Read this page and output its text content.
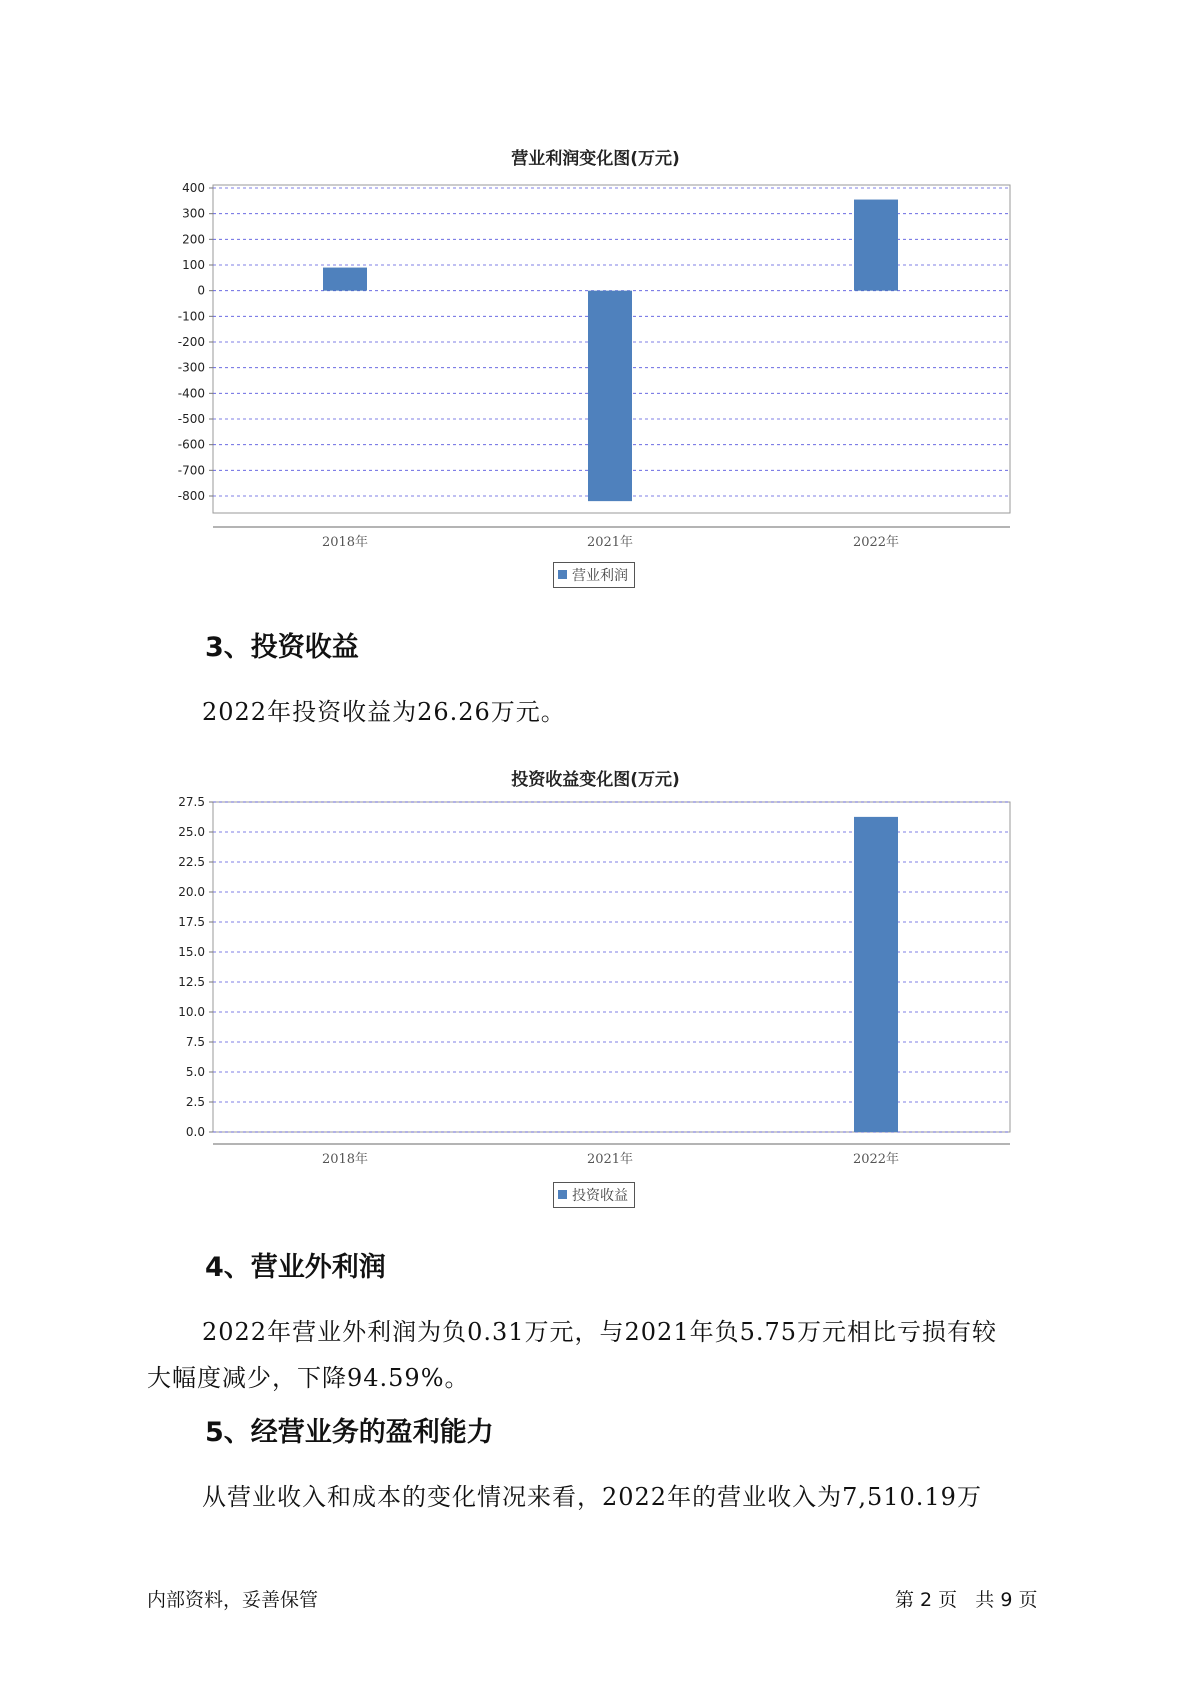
营业利润变化图(万元)
400
300
200
100
0
-100
-200
-300
-400
-500
-600
-700
-800
2018年	2021年	2022年
营业利润
3、投资收益
2022年投资收益为26.26万元。
投资收益变化图(万元)
27.5
25.0
22.5
20.0
17.5
15.0
12.5
10.0
7.5
5.0
2.5
0.0
2018年	2021年	2022年
投资收益
4、营业外利润
2022年营业外利润为负0.31万元，与2021年负5.75万元相比亏损有较
大幅度减少，下降94.59%。
5、经营业务的盈利能力
从营业收入和成本的变化情况来看，2022年的营业收入为7,510.19万
内部资料，妥善保管	第 2 页   共 9 页
